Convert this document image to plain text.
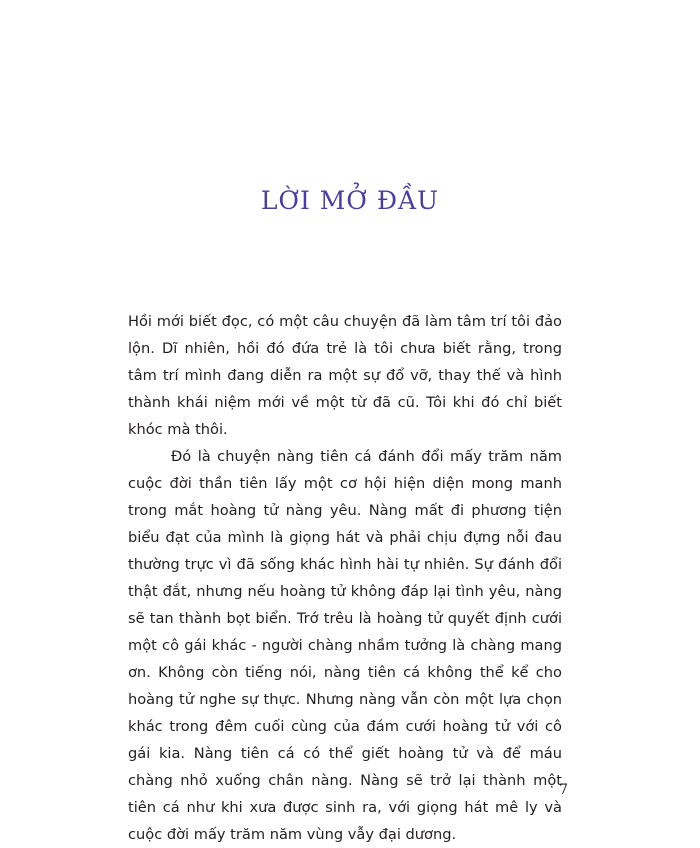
LỜI MỞ ĐẦU

Hồi mới biết đọc, có một câu chuyện đã làm tâm trí tôi đảo lộn. Dĩ nhiên, hồi đó đứa trẻ là tôi chưa biết rằng, trong tâm trí mình đang diễn ra một sự đổ vỡ, thay thế và hình thành khái niệm mới về một từ đã cũ. Tôi khi đó chỉ biết khóc mà thôi.

Đó là chuyện nàng tiên cá đánh đổi mấy trăm năm cuộc đời thần tiên lấy một cơ hội hiện diện mong manh trong mắt hoàng tử nàng yêu. Nàng mất đi phương tiện biểu đạt của mình là giọng hát và phải chịu đựng nỗi đau thường trực vì đã sống khác hình hài tự nhiên. Sự đánh đổi thật đắt, nhưng nếu hoàng tử không đáp lại tình yêu, nàng sẽ tan thành bọt biển. Trớ trêu là hoàng tử quyết định cưới một cô gái khác - người chàng nhầm tưởng là chàng mang ơn. Không còn tiếng nói, nàng tiên cá không thể kể cho hoàng tử nghe sự thực. Nhưng nàng vẫn còn một lựa chọn khác trong đêm cuối cùng của đám cưới hoàng tử với cô gái kia. Nàng tiên cá có thể giết hoàng tử và để máu chàng nhỏ xuống chân nàng. Nàng sẽ trở lại thành một tiên cá như khi xưa được sinh ra, với giọng hát mê ly và cuộc đời mấy trăm năm vùng vẫy đại dương.

7
